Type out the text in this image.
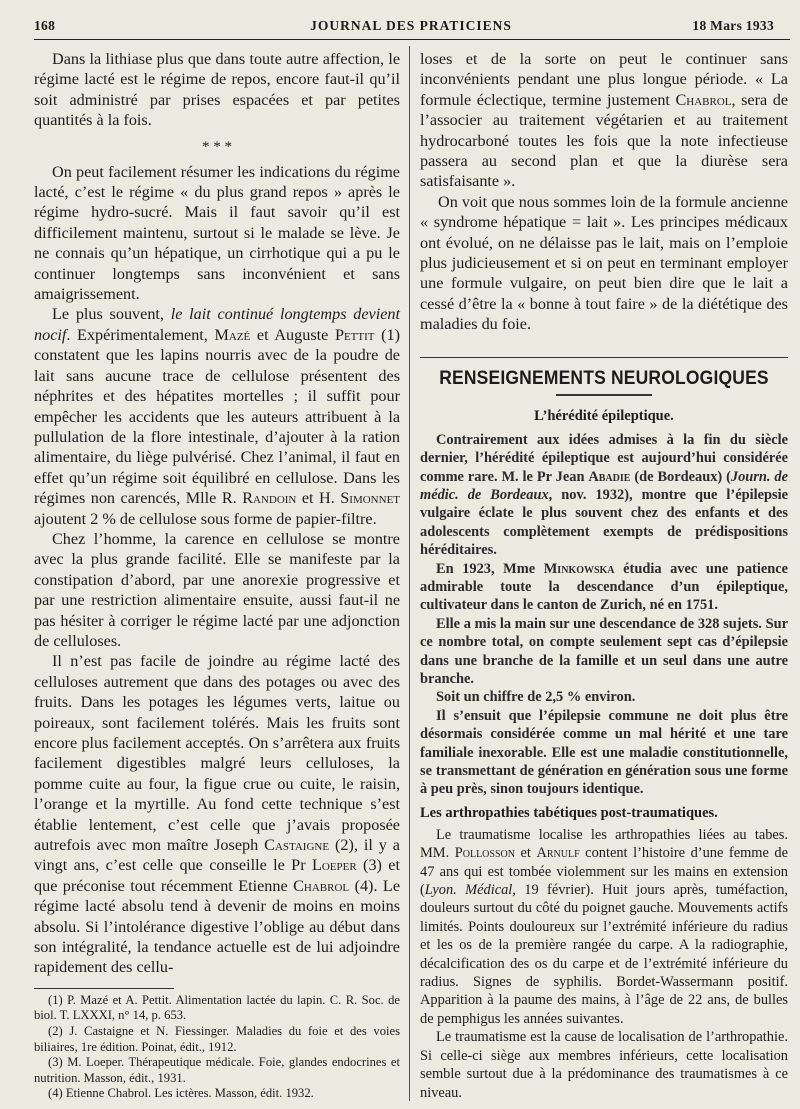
168	JOURNAL DES PRATICIENS	18 Mars 1933

Dans la lithiase plus que dans toute autre affection, le régime lacté est le régime de repos, encore faut-il qu’il soit administré par prises espacées et par petites quantités à la fois.

* * *

On peut facilement résumer les indications du régime lacté, c’est le régime « du plus grand repos » après le régime hydro-sucré. Mais il faut savoir qu’il est difficilement maintenu, surtout si le malade se lève. Je ne connais qu’un hépatique, un cirrhotique qui a pu le continuer longtemps sans inconvénient et sans amaigrissement.

Le plus souvent, le lait continué longtemps devient nocif. Expérimentalement, Mazé et Auguste Pettit (1) constatent que les lapins nourris avec de la poudre de lait sans aucune trace de cellulose présentent des néphrites et des hépatites mortelles ; il suffit pour empêcher les accidents que les auteurs attribuent à la pullulation de la flore intestinale, d’ajouter à la ration alimentaire, du liège pulvérisé. Chez l’animal, il faut en effet qu’un régime soit équilibré en cellulose. Dans les régimes non carencés, Mlle R. Randoin et H. Simonnet ajoutent 2 % de cellulose sous forme de papier-filtre.

Chez l’homme, la carence en cellulose se montre avec la plus grande facilité. Elle se manifeste par la constipation d’abord, par une anorexie progressive et par une restriction alimentaire ensuite, aussi faut-il ne pas hésiter à corriger le régime lacté par une adjonction de celluloses.

Il n’est pas facile de joindre au régime lacté des celluloses autrement que dans des potages ou avec des fruits. Dans les potages les légumes verts, laitue ou poireaux, sont facilement tolérés. Mais les fruits sont encore plus facilement acceptés. On s’arrêtera aux fruits facilement digestibles malgré leurs celluloses, la pomme cuite au four, la figue crue ou cuite, le raisin, l’orange et la myrtille. Au fond cette technique s’est établie lentement, c’est celle que j’avais proposée autrefois avec mon maître Joseph Castaigne (2), il y a vingt ans, c’est celle que conseille le Pr Loeper (3) et que préconise tout récemment Etienne Chabrol (4). Le régime lacté absolu tend à devenir de moins en moins absolu. Si l’intolérance digestive l’oblige au début dans son intégralité, la tendance actuelle est de lui adjoindre rapidement des cellu-

(1) P. Mazé et A. Pettit. Alimentation lactée du lapin. C. R. Soc. de biol. T. LXXXI, n° 14, p. 653.

(2) J. Castaigne et N. Fiessinger. Maladies du foie et des voies biliaires, 1re édition. Poinat, édit., 1912.

(3) M. Loeper. Thérapeutique médicale. Foie, glandes endocrines et nutrition. Masson, édit., 1931.

(4) Etienne Chabrol. Les ictères. Masson, édit. 1932.

loses et de la sorte on peut le continuer sans inconvénients pendant une plus longue période. « La formule éclectique, termine justement Chabrol, sera de l’associer au traitement végétarien et au traitement hydrocarboné toutes les fois que la note infectieuse passera au second plan et que la diurèse sera satisfaisante ».

On voit que nous sommes loin de la formule ancienne « syndrome hépatique = lait ». Les principes médicaux ont évolué, on ne délaisse pas le lait, mais on l’emploie plus judicieusement et si on peut en terminant employer une formule vulgaire, on peut bien dire que le lait a cessé d’être la « bonne à tout faire » de la diététique des maladies du foie.

RENSEIGNEMENTS NEUROLOGIQUES
L’hérédité épileptique.

Contrairement aux idées admises à la fin du siècle dernier, l’hérédité épileptique est aujourd’hui considérée comme rare. M. le Pr Jean Abadie (de Bordeaux) (Journ. de médic. de Bordeaux, nov. 1932), montre que l’épilepsie vulgaire éclate le plus souvent chez des enfants et des adolescents complètement exempts de prédispositions héréditaires.

En 1923, Mme Minkowska étudia avec une patience admirable toute la descendance d’un épileptique, cultivateur dans le canton de Zurich, né en 1751.

Elle a mis la main sur une descendance de 328 sujets. Sur ce nombre total, on compte seulement sept cas d’épilepsie dans une branche de la famille et un seul dans une autre branche.

Soit un chiffre de 2,5 % environ.

Il s’ensuit que l’épilepsie commune ne doit plus être désormais considérée comme un mal hérité et une tare familiale inexorable. Elle est une maladie constitutionnelle, se transmettant de génération en génération sous une forme à peu près, sinon toujours identique.

Les arthropathies tabétiques post-traumatiques.

Le traumatisme localise les arthropathies liées au tabes. MM. Pollosson et Arnulf content l’histoire d’une femme de 47 ans qui est tombée violemment sur les mains en extension (Lyon. Médical, 19 février). Huit jours après, tuméfaction, douleurs surtout du côté du poignet gauche. Mouvements actifs limités. Points douloureux sur l’extrémité inférieure du radius et les os de la première rangée du carpe. A la radiographie, décalcification des os du carpe et de l’extrémité inférieure du radius. Signes de syphilis. Bordet-Wassermann positif. Apparition à la paume des mains, à l’âge de 22 ans, de bulles de pemphigus les années suivantes.

Le traumatisme est la cause de localisation de l’arthropathie. Si celle-ci siège aux membres inférieurs, cette localisation semble surtout due à la prédominance des traumatismes à ce niveau.
